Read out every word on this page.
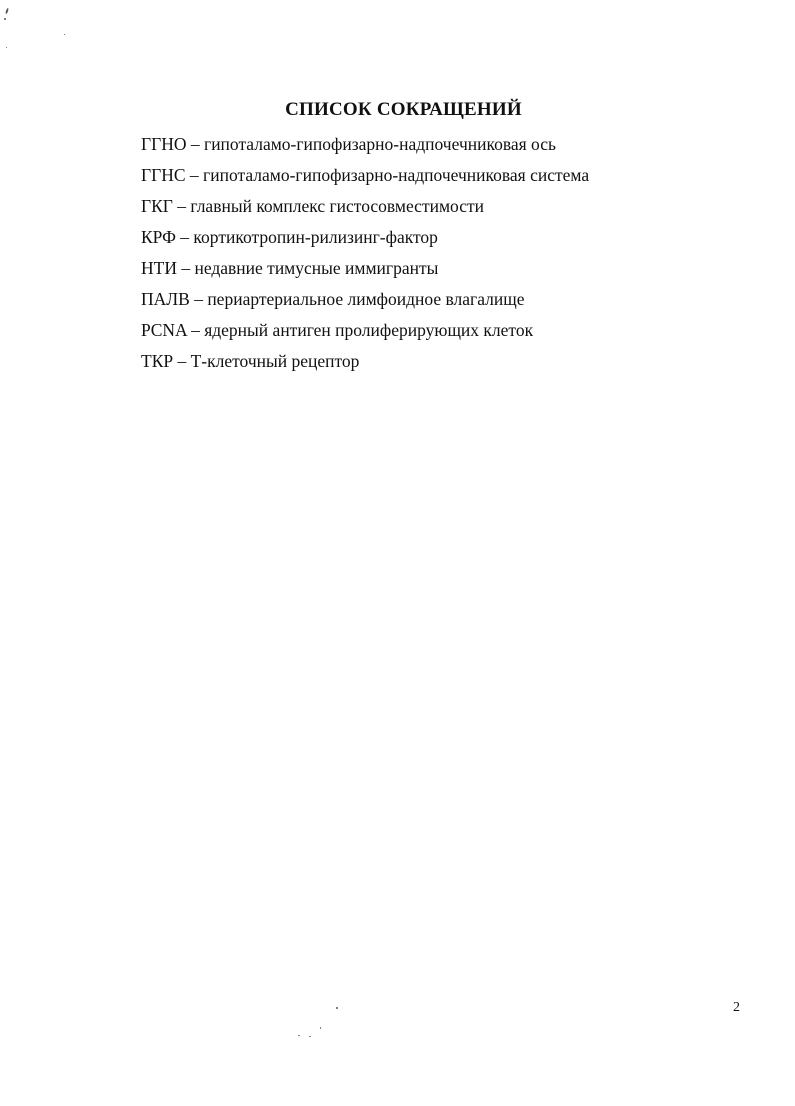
СПИСОК СОКРАЩЕНИЙ
ГГНО – гипоталамо-гипофизарно-надпочечниковая ось
ГГНС – гипоталамо-гипофизарно-надпочечниковая система
ГКГ – главный комплекс гистосовместимости
КРФ – кортикотропин-рилизинг-фактор
НТИ – недавние тимусные иммигранты
ПАЛВ – периартериальное лимфоидное влагалище
PCNA – ядерный антиген пролиферирующих клеток
ТКР – Т-клеточный рецептор
2
